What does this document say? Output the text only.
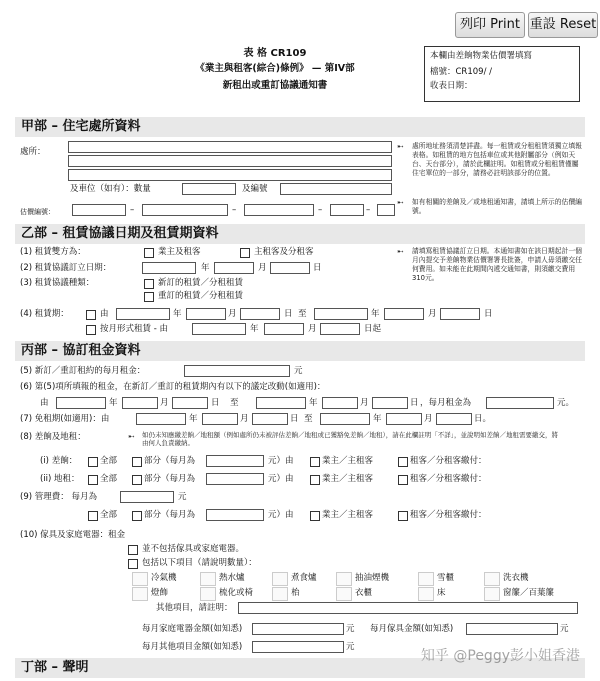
列印 Print 重設 Reset
表 格 CR109
《業主與租客(綜合)條例》 — 第IV部
新租出或重訂協議通知書
本欄由差餉物業估價署填寫
檔號：CR109/ /
收表日期：
甲部 – 住宅處所資料
處所：
及車位（如有）：數量	及編號
估價編號：	–	–	–	–
➸ 處所地址務須清楚詳盡。每一租賃或分租租賃須獨立填報表格。如租賃的地方包括車位或其他附屬部分（例如天台、天台部分），請於此欄註明。如租賃或分租租賃僅屬住宅單位的一部分，請務必註明該部分的位置。
➸ 如有相關的差餉及／或地租通知書，請填上所示的估價編號。
乙部 – 租賃協議日期及租賃期資料
(1) 租賃雙方為：	業主及租客	主租客及分租客
(2) 租賃協議訂立日期：	年	月	日
(3) 租賃協議種類：	新訂的租賃／分租租賃
重訂的租賃／分租租賃
(4) 租賃期：	由	年	月	日 至	年	月	日
按月形式租賃 - 由	年	月	日起
➸ 請填寫租賃協議訂立日期。本通知書如在該日期起計一個月內提交予差餉物業估價署署長批簽，申請人毋須繳交任何費用。如未能在此期間內遞交通知書，則須繳交費用310元。
丙部 – 協訂租金資料
(5) 新訂／重訂租約的每月租金：	元
(6) 第(5)項所填報的租金，在新訂／重訂的租賃期內有以下的議定改動(如適用)：
由	年	月	日 至	年	月	日 ，每月租金為	元。
(7) 免租期(如適用)：由	年	月	日 至	年	月	日。
(8) 差餉及地租：	➸ 如仍未知應繳差餉／地租額（例如處所仍未被評估差餉／地租或已獲豁免差餉／地租），請在此欄註明「不詳」，並說明如差餉／地租需要繳交，將由何人負責繳納。
(i) 差餉：	全部	部分（每月為	元）由	業主／主租客	租客／分租客繳付：
(ii) 地租： 全部	部分（每月為	元）由	業主／主租客	租客／分租客繳付：
(9) 管理費： 每月為	元
全部	部分（每月為	元）由	業主／主租客	租客／分租客繳付：
(10) 傢具及家庭電器：租金
並不包括傢具或家庭電器。
包括以下項目（請說明數量）：
冷氣機	熱水爐	煮食爐	抽油煙機	雪櫃	洗衣機
燈飾	梳化或椅	枱	衣櫃	床	窗簾／百葉簾
其他項目，請註明：
每月家庭電器金額(如知悉)	元 每月傢具金額(如知悉)	元
每月其他項目金額(如知悉)	元
丁部 – 聲明
知乎 @Peggy彭小姐香港
